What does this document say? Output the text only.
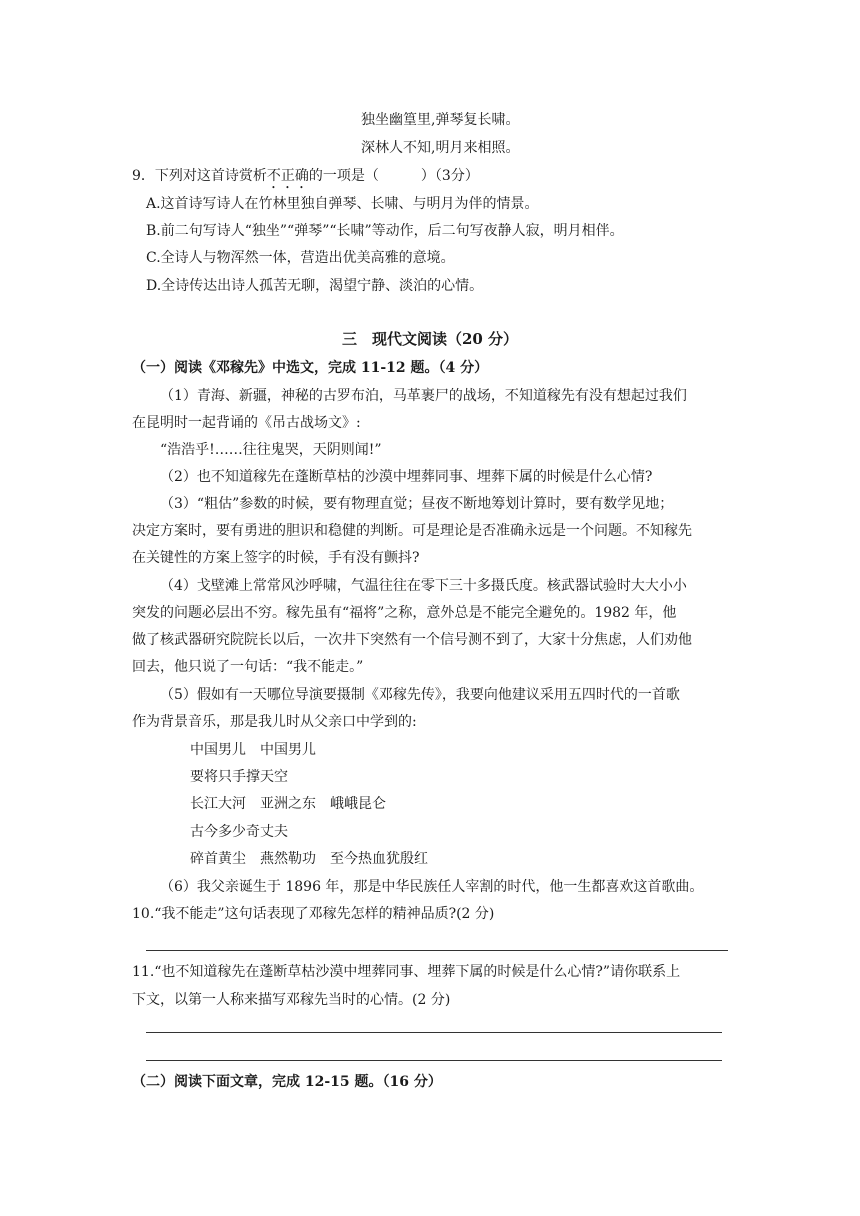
独坐幽篁里,弹琴复长啸。
深林人不知,明月来相照。
9．下列对这首诗赏析不正确的一项是（　　　）（3分）
A.这首诗写诗人在竹林里独自弹琴、长啸、与明月为伴的情景。
B.前二句写诗人“独坐”“弹琴”“长啸”等动作，后二句写夜静人寂，明月相伴。
C.全诗人与物浑然一体，营造出优美高雅的意境。
D.全诗传达出诗人孤苦无聊，渴望宁静、淡泊的心情。
三　现代文阅读（20 分）
（一）阅读《邓稼先》中选文，完成 11-12 题。（4 分）
（1）青海、新疆，神秘的古罗布泊，马革裹尸的战场，不知道稼先有没有想起过我们
在昆明时一起背诵的《吊古战场文》:
“浩浩乎!……往往鬼哭，天阴则闻!”
（2）也不知道稼先在蓬断草枯的沙漠中埋葬同事、埋葬下属的时候是什么心情?
（3）“粗估”参数的时候，要有物理直觉；昼夜不断地筹划计算时，要有数学见地；
决定方案时，要有勇进的胆识和稳健的判断。可是理论是否准确永远是一个问题。不知稼先
在关键性的方案上签字的时候，手有没有颤抖?
（4）戈壁滩上常常风沙呼啸，气温往往在零下三十多摄氏度。核武器试验时大大小小
突发的问题必层出不穷。稼先虽有“福将”之称，意外总是不能完全避免的。1982 年，他
做了核武器研究院院长以后，一次井下突然有一个信号测不到了，大家十分焦虑，人们劝他
回去，他只说了一句话：“我不能走。”
（5）假如有一天哪位导演要摄制《邓稼先传》，我要向他建议采用五四时代的一首歌
作为背景音乐，那是我儿时从父亲口中学到的:
中国男儿　中国男儿
要将只手撑天空
长江大河　亚洲之东　峨峨昆仑
古今多少奇丈夫
碎首黄尘　燕然勒功　至今热血犹殷红
（6）我父亲诞生于 1896 年，那是中华民族任人宰割的时代，他一生都喜欢这首歌曲。
10.“我不能走”这句话表现了邓稼先怎样的精神品质?(2 分)
11.“也不知道稼先在蓬断草枯沙漠中埋葬同事、埋葬下属的时候是什么心情?”请你联系上
下文，以第一人称来描写邓稼先当时的心情。(2 分)
（二）阅读下面文章，完成 12-15 题。（16 分）
